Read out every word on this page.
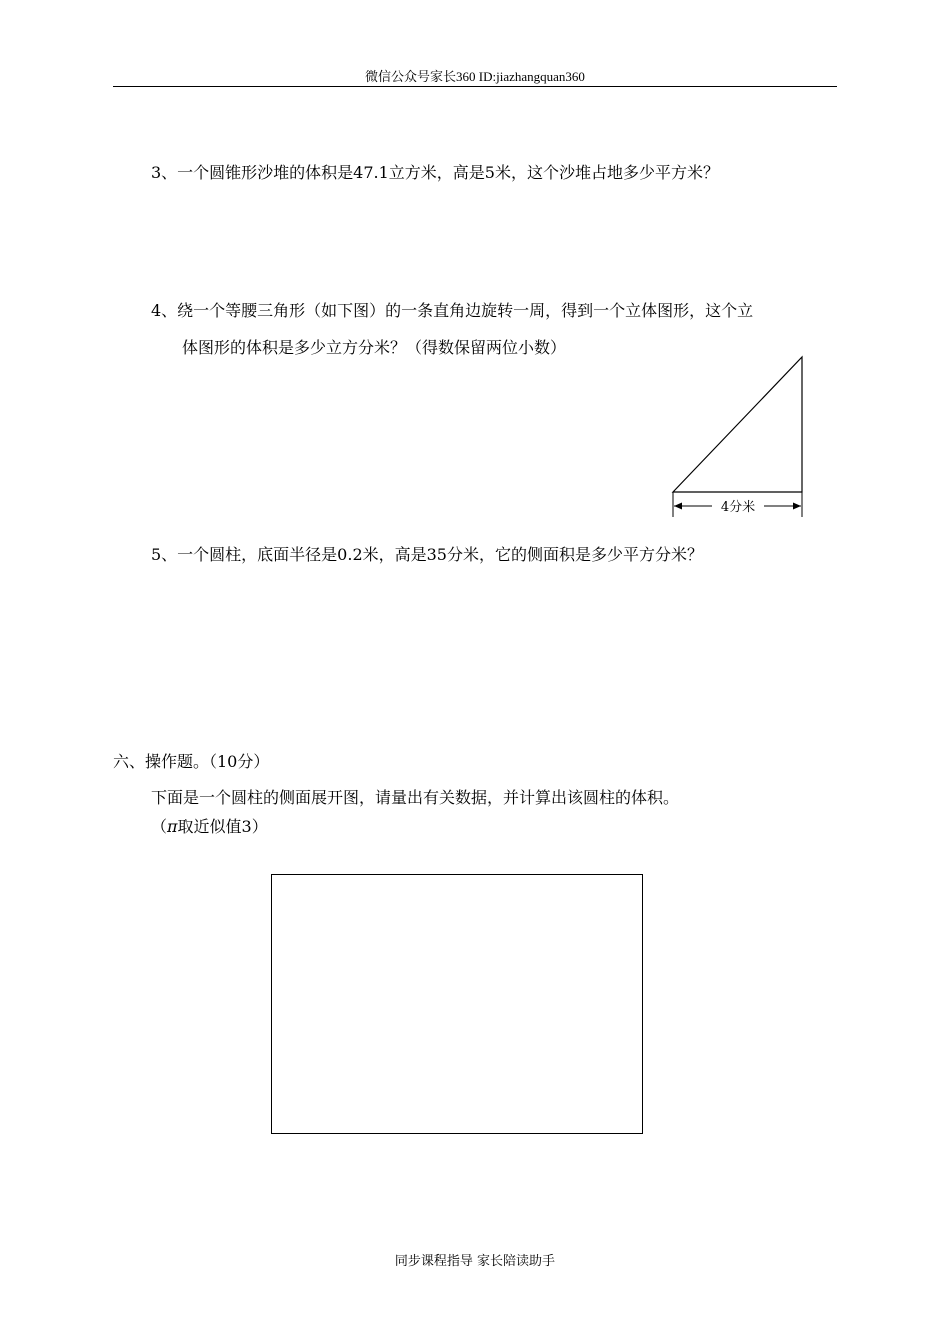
微信公众号家长360 ID:jiazhangquan360
3、一个圆锥形沙堆的体积是47.1立方米，高是5米，这个沙堆占地多少平方米？
4、绕一个等腰三角形（如下图）的一条直角边旋转一周，得到一个立体图形，这个立
体图形的体积是多少立方分米？（得数保留两位小数）
4分米
5、一个圆柱，底面半径是0.2米，高是35分米，它的侧面积是多少平方分米？
六、操作题。（10分）
下面是一个圆柱的侧面展开图，请量出有关数据，并计算出该圆柱的体积。
（π取近似值3）
同步课程指导 家长陪读助手
